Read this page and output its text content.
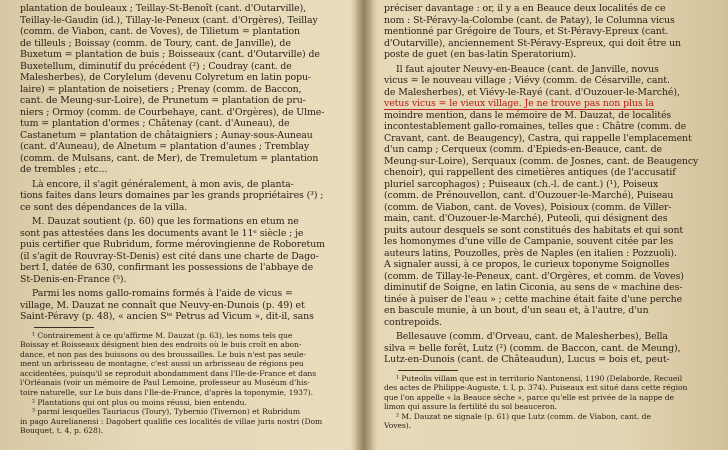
plantation de bouleaux ; Teillay-St-Benoît (cant. d'Outarville),
Teillay-le-Gaudin (id.), Tillay-le-Peneux (cant. d'Orgères), Teillay
(comm. de Viabon, cant. de Voves), de Tilietum = plantation
de tilleuls ; Boissay (comm. de Toury, cant. de Janville), de
Buxetum = plantation de buis ; Boisseaux (cant. d'Outarville) de
Buxetellum, diminutif du précédent (²) ; Coudray (cant. de
Malesherbes), de Corylelum (devenu Colyretum en latin popu-
laire) = plantation de noisetiers ; Prenay (comm. de Baccon,
cant. de Meung-sur-Loire), de Prunetum = plantation de pru-
niers ; Ormoy (comm. de Courbehaye, cant. d'Orgères), de Ulme-
tum = plantation d'ormes ; Châtenay (cant. d'Auneau), de
Castanetum = plantation de châtaigniers ; Aunay-sous-Auneau
(cant. d'Auneau), de Alnetum = plantation d'aunes ; Tremblay
(comm. de Mulsans, cant. de Mer), de Tremuletum = plantation
de trembles ; etc...
Là encore, il s'agit généralement, à mon avis, de planta-
tions faites dans leurs domaines par les grands propriétaires (³) ;
ce sont des dépendances de la villa.
M. Dauzat soutient (p. 60) que les formations en etum ne
sont pas attestées dans les documents avant le 11ᵉ siècle ; je
puis certifier que Rubridum, forme mérovingienne de Roboretum
(il s'agit de Rouvray-St-Denis) est cité dans une charte de Dago-
bert I, datée de 630, confirmant les possessions de l'abbaye de
St-Denis-en-France (⁵).
Parmi les noms gallo-romains formés à l'aide de vicus =
village, M. Dauzat ne connaît que Neuvy-en-Dunois (p. 49) et
Saint-Péravy (p. 48), « ancien Sᵗᵉ Petrus ad Vicum », dit-il, sans
¹ Contrairement à ce qu'affirme M. Dauzat (p. 63), les noms tels que
Boissay et Boisseaux désignent bien des endroits où le buis croît en abon-
dance, et non pas des buissons ou des broussailles. Le buis n'est pas seule-
ment un arbrisseau de montagne, c'est aussi un arbrisseau de régions peu
accidentées, puisqu'il se reproduit abondamment dans l'Ile-de-France et dans
l'Orléanais (voir un mémoire de Paul Lemoine, professeur au Muséum d'his-
toire naturelle, sur Le buis dans l'Ile-de-France, d'après la toponymie, 1937).
² Plantations qui ont plus ou moins réussi, bien entendu.
³ parmi lesquelles Tauriacus (Toury), Tybernio (Tivernon) et Rubridum
in pago Aurelianensi : Dagobert qualifie ces localités de villae juris nostri (Dom
Bouquet, t. 4, p. 628).
préciser davantage : or, il y a en Beauce deux localités de ce
nom : St-Péravy-la-Colombe (cant. de Patay), le Columna vicus
mentionné par Grégoire de Tours, et St-Péravy-Epreux (cant.
d'Outarville), anciennement St-Péravy-Espreux, qui doit être un
poste de guet (en bas-latin Speratorium).
Il faut ajouter Neuvy-en-Beauce (cant. de Janville, novus
vicus = le nouveau village ; Viévy (comm. de Césarville, cant.
de Malesherbes), et Viévy-le-Rayé (cant. d'Ouzouer-le-Marché),
vetus vicus = le vieux village. Je ne trouve pas non plus la
moindre mention, dans le mémoire de M. Dauzat, de localités
incontestablement gallo-romaines, telles que : Châtre (comm. de
Cravant, cant. de Beaugency), Castra, qui rappelle l'emplacement
d'un camp ; Cerqueux (comm. d'Epieds-en-Beauce, cant. de
Meung-sur-Loire), Serquaux (comm. de Josnes, cant. de Beaugency
chenoir), qui rappellent des cimetières antiques (de l'accusatif
pluriel sarcophagos) ; Puiseaux (ch.-l. de cant.) (¹), Poiseux
(comm. de Prénouvellon, cant. d'Ouzouer-le-Marché), Puiseau
(comm. de Viabon, cant. de Voves), Poisioux (comm. de Viller-
main, cant. d'Ouzouer-le-Marché), Puteoli, qui désignent des
puits autour desquels se sont constitués des habitats et qui sont
les homonymes d'une ville de Campanie, souvent citée par les
auteurs latins, Pouzolles, près de Naples (en italien : Pozzuoli).
A signaler aussi, à ce propos, le curieux toponyme Soignolles
(comm. de Tillay-le-Peneux, cant. d'Orgères, et comm. de Voves)
diminutif de Soigne, en latin Ciconia, au sens de « machine des-
tinée à puiser de l'eau » ; cette machine était faite d'une perche
en bascule munie, à un bout, d'un seau et, à l'autre, d'un
contrepoids.
Bellesauve (comm. d'Orveau, cant. de Malesherbes), Bella
silva = belle forêt, Lutz (²) (comm. de Baccon, cant. de Meung),
Lutz-en-Dunois (cant. de Châteaudun), Lucus = bois et, peut-
¹ Puteolis villam que est in territorio Nantonensi, 1190 (Delaborde, Recueil
des actes de Philippe-Auguste, t. I, p. 374). Puiseaux est situé dans cette région
que l'on appelle « la Beauce sèche », parce qu'elle est privée de la nappe de
limon qui assure la fertilité du sol beauceron.
² M. Dauzat ne signale (p. 61) que Lutz (comm. de Viabon, cant. de
Voves).
